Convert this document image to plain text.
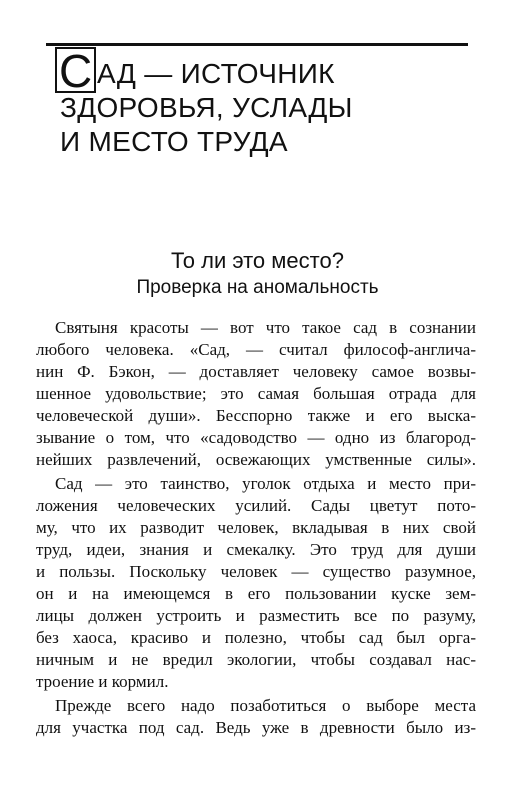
С АД — ИСТОЧНИК
ЗДОРОВЬЯ, УСЛАДЫ
И МЕСТО ТРУДА
То ли это место?
Проверка на аномальность
Святыня красоты — вот что такое сад в сознании
любого человека. «Сад, — считал философ-англича-
нин Ф. Бэкон, — доставляет человеку самое возвы-
шенное удовольствие; это самая большая отрада для
человеческой души». Бесспорно также и его выска-
зывание о том, что «садоводство — одно из благород-
нейших развлечений, освежающих умственные силы».
Сад — это таинство, уголок отдыха и место при-
ложения человеческих усилий. Сады цветут пото-
му, что их разводит человек, вкладывая в них свой
труд, идеи, знания и смекалку. Это труд для души
и пользы. Поскольку человек — существо разумное,
он и на имеющемся в его пользовании куске зем-
лицы должен устроить и разместить все по разуму,
без хаоса, красиво и полезно, чтобы сад был орга-
ничным и не вредил экологии, чтобы создавал нас-
троение и кормил.
Прежде всего надо позаботиться о выборе места
для участка под сад. Ведь уже в древности было из-
